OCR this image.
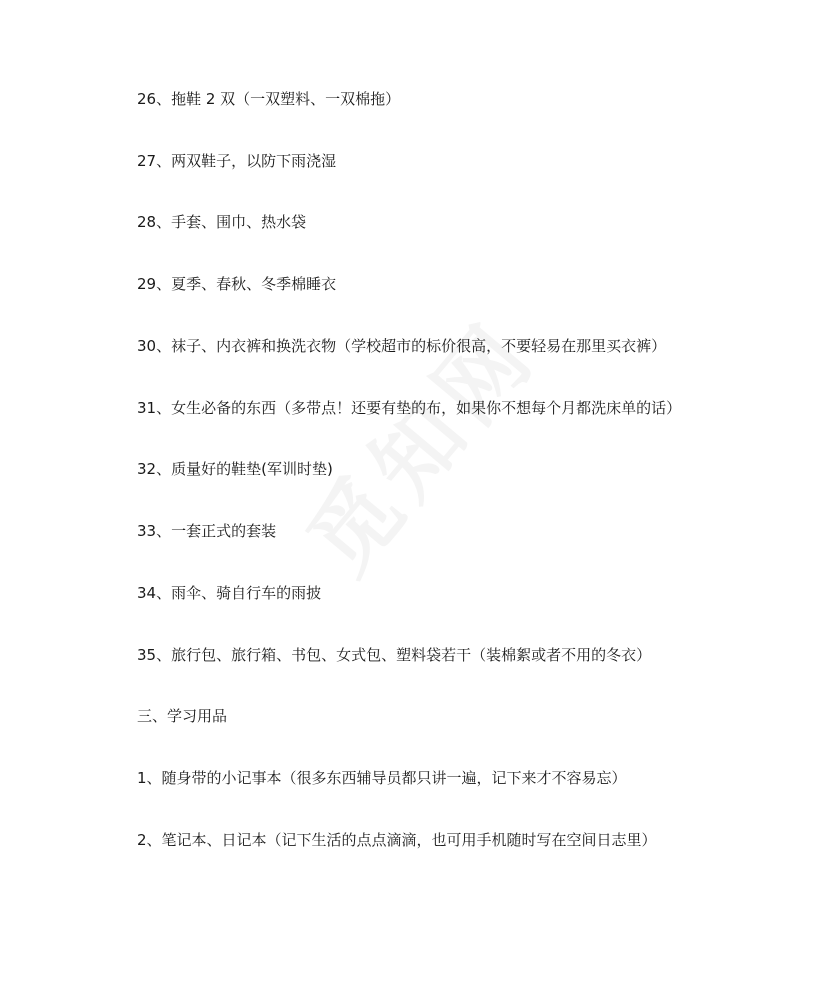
26、拖鞋 2 双（一双塑料、一双棉拖）
27、两双鞋子，以防下雨浇湿
28、手套、围巾、热水袋
29、夏季、春秋、冬季棉睡衣
30、袜子、内衣裤和换洗衣物（学校超市的标价很高，不要轻易在那里买衣裤）
31、女生必备的东西（多带点！还要有垫的布，如果你不想每个月都洗床单的话）
32、质量好的鞋垫(军训时垫)
33、一套正式的套装
34、雨伞、骑自行车的雨披
35、旅行包、旅行箱、书包、女式包、塑料袋若干（装棉絮或者不用的冬衣）
三、学习用品
1、随身带的小记事本（很多东西辅导员都只讲一遍，记下来才不容易忘）
2、笔记本、日记本（记下生活的点点滴滴，也可用手机随时写在空间日志里）
